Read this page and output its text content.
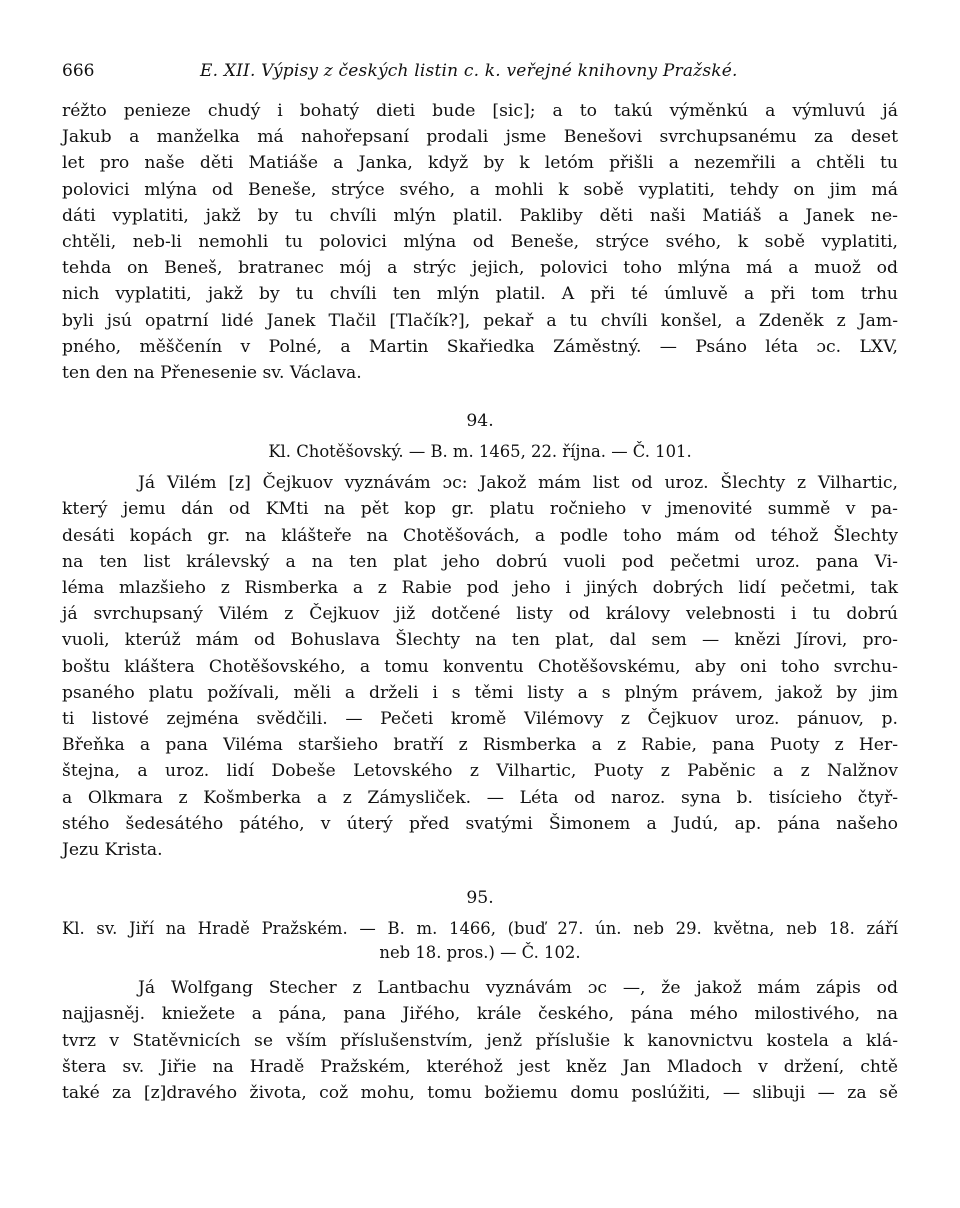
666	E. XII. Výpisy z českých listin c. k. veřejné knihovny Pražské.
réžto penieze chudý i bohatý dieti bude [sic]; a to takú výměnkú a výmluvú já
Jakub a manželka má nahořepsaní prodali jsme Benešovi svrchupsanému za deset
let pro naše děti Matiáše a Janka, když by k letóm přišli a nezemřili a chtěli tu
polovici mlýna od Beneše, strýce svého, a mohli k sobě vyplatiti, tehdy on jim má
dáti vyplatiti, jakž by tu chvíli mlýn platil. Pakliby děti naši Matiáš a Janek ne-
chtěli, neb-li nemohli tu polovici mlýna od Beneše, strýce svého, k sobě vyplatiti,
tehda on Beneš, bratranec mój a strýc jejich, polovici toho mlýna má a muož od
nich vyplatiti, jakž by tu chvíli ten mlýn platil. A při té úmluvě a při tom trhu
byli jsú opatrní lidé Janek Tlačil [Tlačík?], pekař a tu chvíli konšel, a Zdeněk z Jam-
pného, měščenín v Polné, a Martin Skařiedka Záměstný. — Psáno léta ɔc. LXV,
ten den na Přenesenie sv. Václava.

94.

Kl. Chotěšovský. — B. m. 1465, 22. října. — Č. 101.
Já Vilém [z] Čejkuov vyznávám ɔc: Jakož mám list od uroz. Šlechty z Vilhartic,
který jemu dán od KMti na pět kop gr. platu ročnieho v jmenovité summě v pa-
desáti kopách gr. na klášteře na Chotěšovách, a podle toho mám od téhož Šlechty
na ten list králevský a na ten plat jeho dobrú vuoli pod pečetmi uroz. pana Vi-
léma mlazšieho z Rismberka a z Rabie pod jeho i jiných dobrých lidí pečetmi, tak
já svrchupsaný Vilém z Čejkuov již dotčené listy od královy velebnosti i tu dobrú
vuoli, kterúž mám od Bohuslava Šlechty na ten plat, dal sem — knězi Jírovi, pro-
boštu kláštera Chotěšovského, a tomu konventu Chotěšovskému, aby oni toho svrchu-
psaného platu požívali, měli a drželi i s těmi listy a s plným právem, jakož by jim
ti listové zejména svědčili. — Pečeti kromě Vilémovy z Čejkuov uroz. pánuov, p.
Břeňka a pana Viléma staršieho bratří z Rismberka a z Rabie, pana Puoty z Her-
štejna, a uroz. lidí Dobeše Letovského z Vilhartic, Puoty z Paběnic a z Nalžnov
a Olkmara z Košmberka a z Zámysliček. — Léta od naroz. syna b. tisícieho čtyř-
stého šedesátého pátého, v úterý před svatými Šimonem a Judú, ap. pána našeho
Jezu Krista.

95.

Kl. sv. Jiří na Hradě Pražském. — B. m. 1466, (buď 27. ún. neb 29. května, neb 18. září
neb 18. pros.) — Č. 102.
Já Wolfgang Stecher z Lantbachu vyznávám ɔc —, že jakož mám zápis od
najjasněj. kniežete a pána, pana Jiřého, krále českého, pána mého milostivého, na
tvrz v Statěvnicích se vším příslušenstvím, jenž příslušie k kanovnictvu kostela a klá-
štera sv. Jiřie na Hradě Pražském, kteréhož jest kněz Jan Mladoch v držení, chtě
také za [z]dravého života, což mohu, tomu božiemu domu poslúžiti, — slibuji — za sě
